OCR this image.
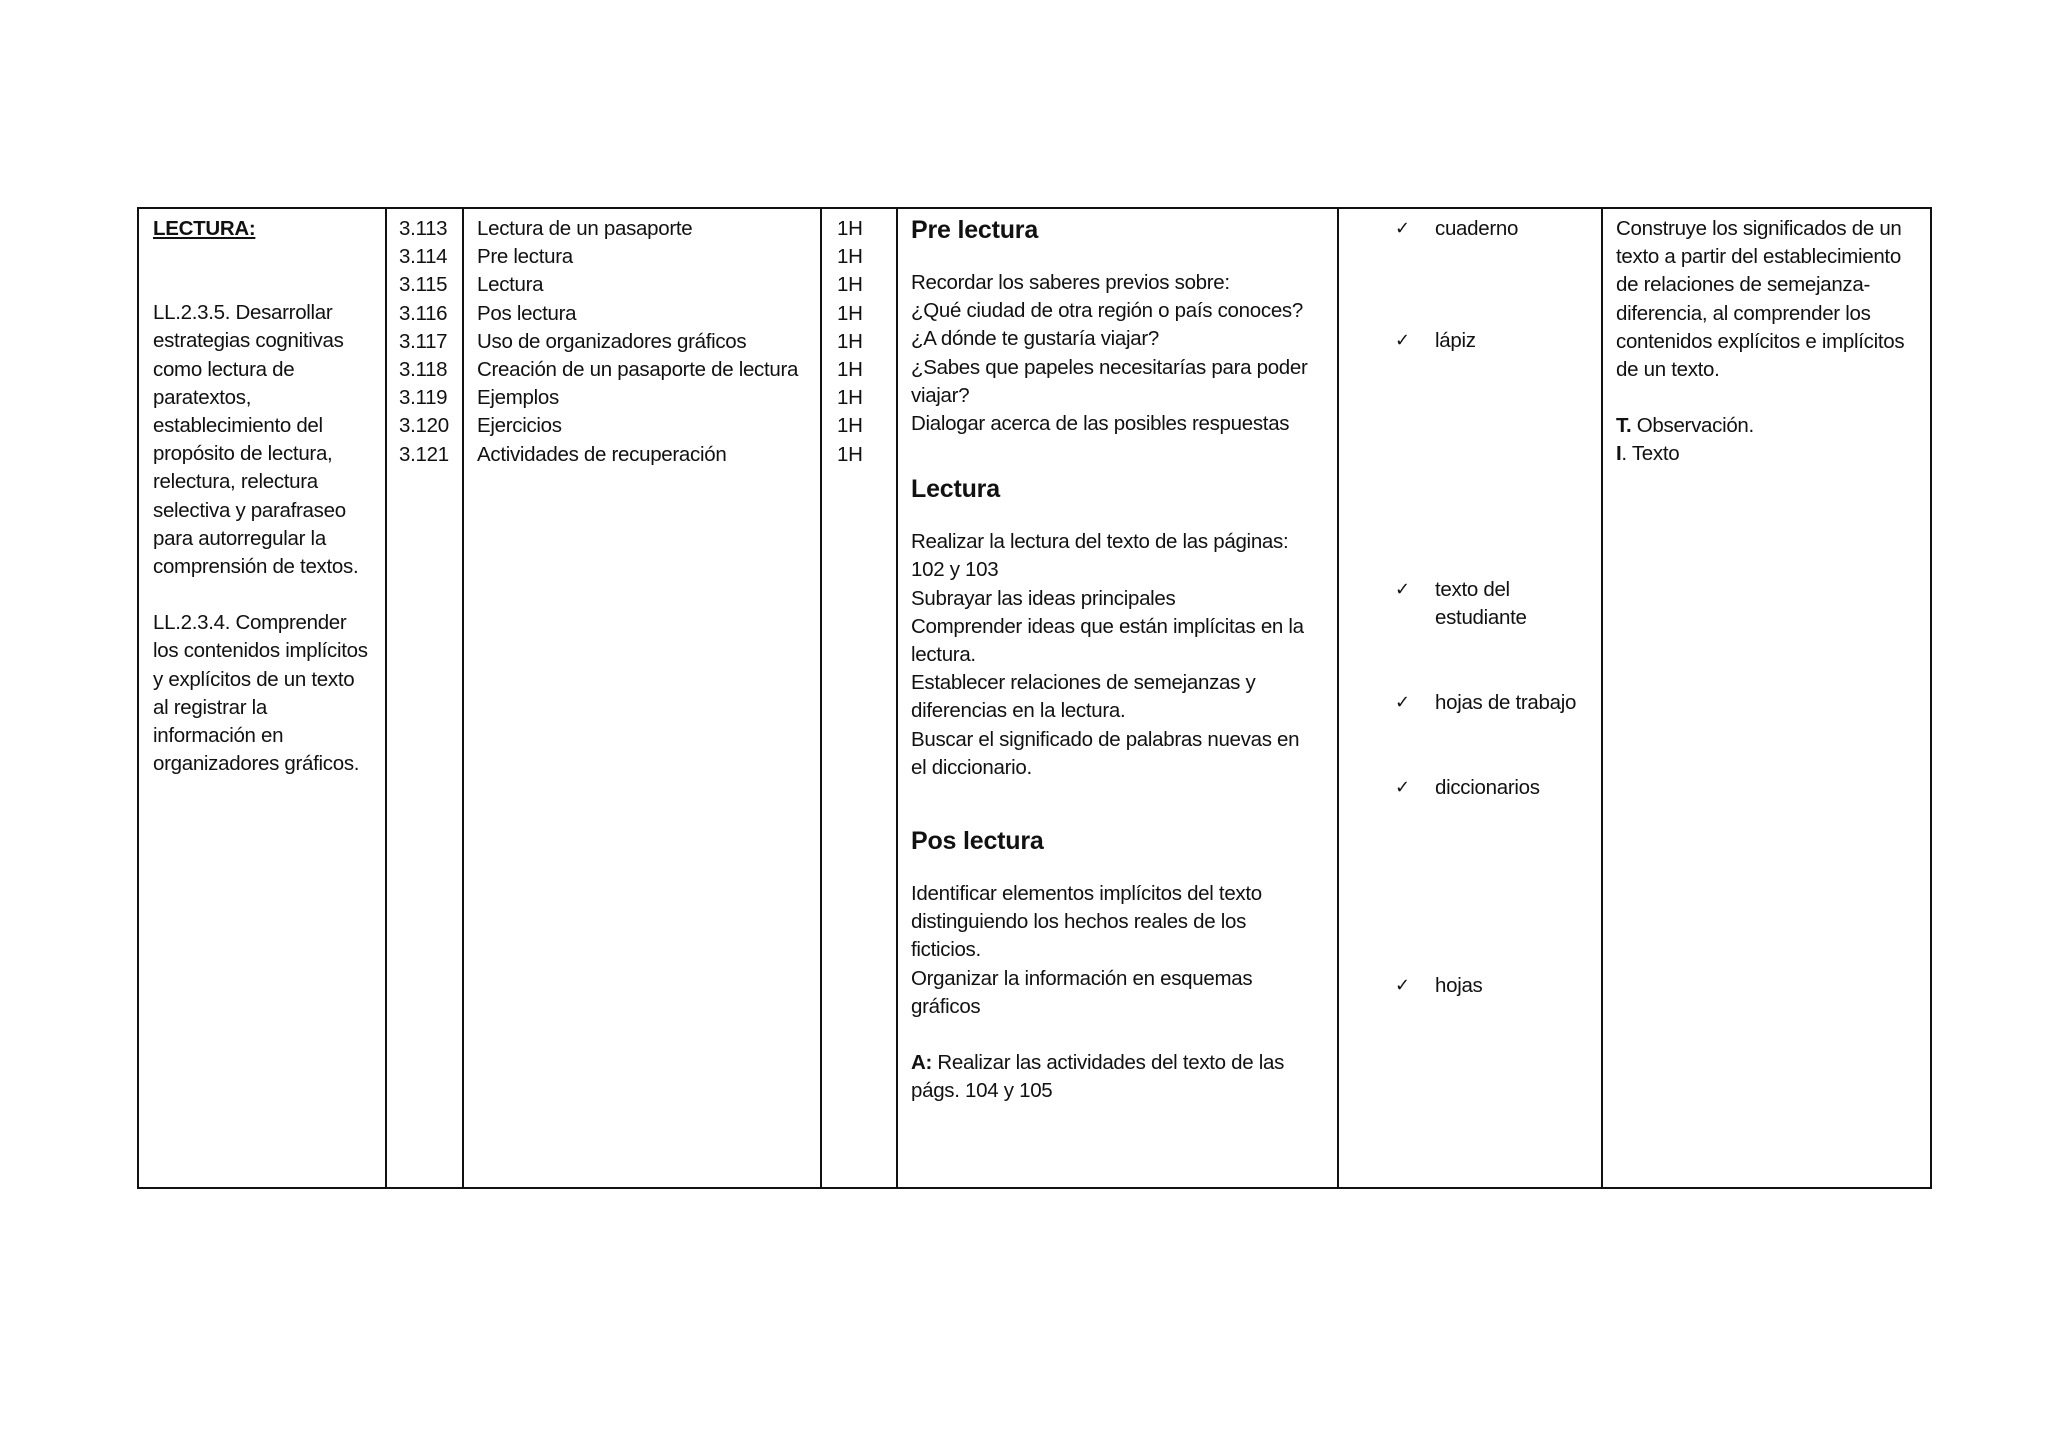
LECTURA:
LL.2.3.5. Desarrollar
estrategias cognitivas
como lectura de
paratextos,
establecimiento del
propósito de lectura,
relectura, relectura
selectiva y parafraseo
para autorregular la
comprensión de textos.
LL.2.3.4. Comprender
los contenidos implícitos
y explícitos de un texto
al registrar la
información en
organizadores gráficos.
3.113
3.114
3.115
3.116
3.117
3.118
3.119
3.120
3.121
Lectura de un pasaporte
Pre lectura
Lectura
Pos lectura
Uso de organizadores gráficos
Creación de un pasaporte de lectura
Ejemplos
Ejercicios
Actividades de recuperación
1H
1H
1H
1H
1H
1H
1H
1H
1H
Pre lectura
Recordar los saberes previos sobre:
¿Qué ciudad de otra región o país conoces?
¿A dónde te gustaría viajar?
¿Sabes que papeles necesitarías para poder
viajar?
Dialogar acerca de las posibles respuestas
Lectura
Realizar la lectura del texto de las páginas:
102 y 103
Subrayar las ideas principales
Comprender ideas que están implícitas en la
lectura.
Establecer relaciones de semejanzas y
diferencias en la lectura.
Buscar el significado de palabras nuevas en
el diccionario.
Pos lectura
Identificar elementos implícitos del texto
distinguiendo los hechos reales de los
ficticios.
Organizar la información en esquemas
gráficos
A: Realizar las actividades del texto de las
págs. 104 y 105
✓ cuaderno
✓ lápiz
✓ texto del
estudiante
✓ hojas de trabajo
✓ diccionarios
✓ hojas
Construye los significados de un
texto a partir del establecimiento
de relaciones de semejanza-
diferencia, al comprender los
contenidos explícitos e implícitos
de un texto.
T. Observación.
I. Texto
